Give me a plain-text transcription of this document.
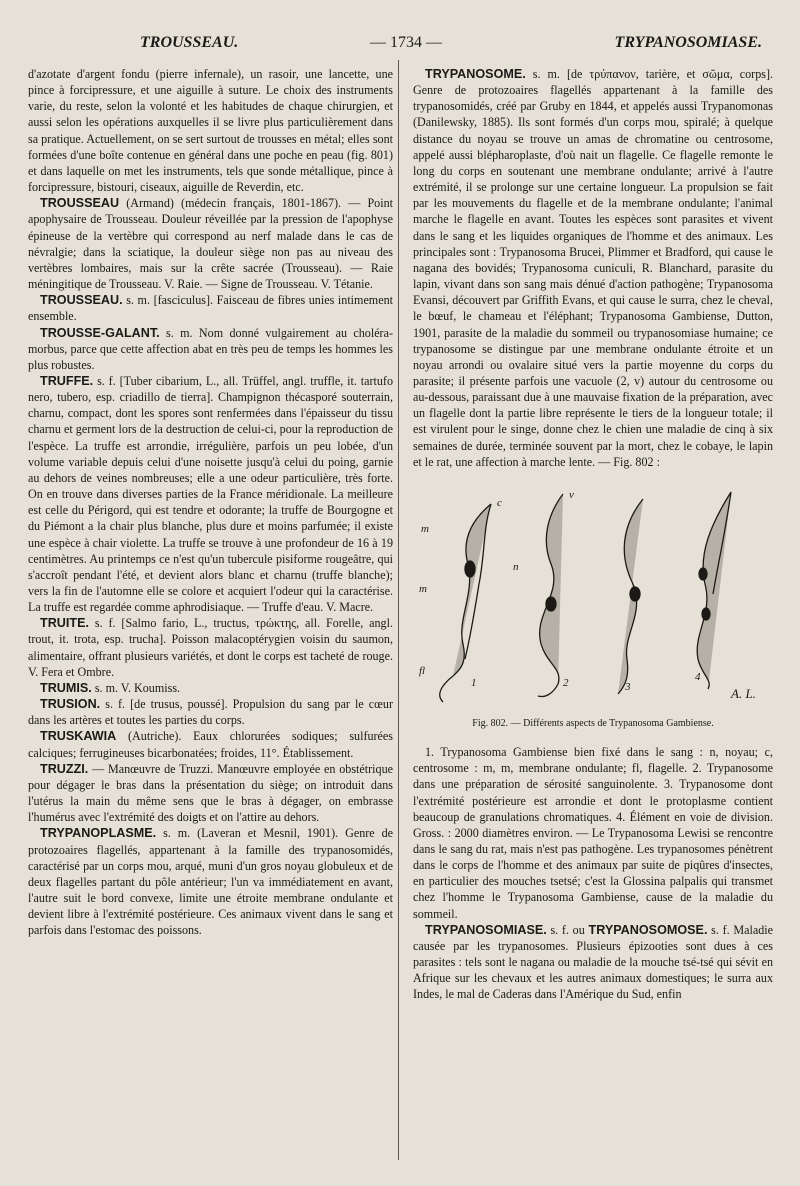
TROUSSEAU.	— 1734 —	TRYPANOSOMIASE.

d'azotate d'argent fondu (pierre infernale), un rasoir, une lancette, une pince à forcipressure, et une aiguille à suture. Le choix des instruments varie, du reste, selon la volonté et les habitudes de chaque chirurgien, et aussi selon les opérations auxquelles il se livre plus particulièrement dans sa pratique. Actuellement, on se sert surtout de trousses en métal; elles sont formées d'une boîte contenue en général dans une poche en peau (fig. 801) et dans laquelle on met les instruments, tels que sonde métallique, pince à forcipressure, bistouri, ciseaux, aiguille de Reverdin, etc.

TROUSSEAU (Armand) (médecin français, 1801-1867). — Point apophysaire de Trousseau. Douleur réveillée par la pression de l'apophyse épineuse de la vertèbre qui correspond au nerf malade dans le cas de névralgie; dans la sciatique, la douleur siège non pas au niveau des vertèbres lombaires, mais sur la crête sacrée (Trousseau). — Raie méningitique de Trousseau. V. Raie. — Signe de Trousseau. V. Tétanie.

TROUSSEAU. s. m. [fasciculus]. Faisceau de fibres unies intimement ensemble.

TROUSSE-GALANT. s. m. Nom donné vulgairement au choléra-morbus, parce que cette affection abat en très peu de temps les hommes les plus robustes.

TRUFFE. s. f. [Tuber cibarium, L., all. Trüffel, angl. truffle, it. tartufo nero, tubero, esp. criadillo de tierra]. Champignon thécasporé souterrain, charnu, compact, dont les spores sont renfermées dans l'épaisseur du tissu charnu et germent lors de la destruction de celui-ci, pour la reproduction de l'espèce. La truffe est arrondie, irrégulière, parfois un peu lobée, d'un volume variable depuis celui d'une noisette jusqu'à celui du poing, garnie au dehors de veines nombreuses; elle a une odeur particulière, très forte. On en trouve dans diverses parties de la France méridionale. La meilleure est celle du Périgord, qui est tendre et odorante; la truffe de Bourgogne et du Piémont a la chair plus blanche, plus dure et moins parfumée; il existe une espèce à chair violette. La truffe se trouve à une profondeur de 16 à 19 centimètres. Au printemps ce n'est qu'un tubercule pisiforme rougeâtre, qui s'accroît pendant l'été, et devient alors blanc et charnu (truffe blanche); vers la fin de l'automne elle se colore et acquiert l'odeur qui la caractérise. La truffe est regardée comme aphrodisiaque. — Truffe d'eau. V. Macre.

TRUITE. s. f. [Salmo fario, L., tructus, τρώκτης, all. Forelle, angl. trout, it. trota, esp. trucha]. Poisson malacoptérygien voisin du saumon, alimentaire, offrant plusieurs variétés, et dont le corps est tacheté de rouge. V. Fera et Ombre.

TRUMIS. s. m. V. Koumiss.

TRUSION. s. f. [de trusus, poussé]. Propulsion du sang par le cœur dans les artères et toutes les parties du corps.

TRUSKAWIA (Autriche). Eaux chlorurées sodiques; sulfurées calciques; ferrugineuses bicarbonatées; froides, 11°. Établissement.

TRUZZI. — Manœuvre de Truzzi. Manœuvre employée en obstétrique pour dégager le bras dans la présentation du siège; on introduit dans l'utérus la main du même sens que le bras à dégager, on embrasse l'humérus avec l'extrémité des doigts et on l'attire au dehors.

TRYPANOPLASME. s. m. (Laveran et Mesnil, 1901). Genre de protozoaires flagellés, appartenant à la famille des trypanosomidés, caractérisé par un corps mou, arqué, muni d'un gros noyau globuleux et de deux flagelles partant du pôle antérieur; l'un va immédiatement en avant, l'autre suit le bord convexe, limite une étroite membrane ondulante et devient libre à l'extrémité postérieure. Ces animaux vivent dans le sang et parfois dans l'estomac des poissons.

TRYPANOSOME. s. m. [de τρύπανον, tarière, et σῶμα, corps]. Genre de protozoaires flagellés appartenant à la famille des trypanosomidés, créé par Gruby en 1844, et appelés aussi Trypanomonas (Danilewsky, 1885). Ils sont formés d'un corps mou, spiralé; à quelque distance du noyau se trouve un amas de chromatine ou centrosome, appelé aussi blépharoplaste, d'où nait un flagelle. Ce flagelle remonte le long du corps en soutenant une membrane ondulante; arrivé à l'autre extrémité, il se prolonge sur une certaine longueur. La propulsion se fait par les mouvements du flagelle et de la membrane ondulante; l'animal marche le flagelle en avant. Toutes les espèces sont parasites et vivent dans le sang et les liquides organiques de l'homme et des animaux. Les principales sont : Trypanosoma Brucei, Plimmer et Bradford, qui cause le nagana des bovidés; Trypanosoma cuniculi, R. Blanchard, parasite du lapin, vivant dans son sang mais dénué d'action pathogène; Trypanosoma Evansi, découvert par Griffith Evans, et qui cause le surra, chez le cheval, le bœuf, le chameau et l'éléphant; Trypanosoma Gambiense, Dutton, 1901, parasite de la maladie du sommeil ou trypanosomiase humaine; ce trypanosome se distingue par une membrane ondulante étroite et un noyau arrondi ou ovalaire situé vers la partie moyenne du corps du parasite; il présente parfois une vacuole (2, v) autour du centrosome ou au-dessous, paraissant due à une mauvaise fixation de la préparation, avec un flagelle dont la partie libre représente le tiers de la longueur totale; il est virulent pour le singe, donne chez le chien une maladie de cinq à six semaines de durée, terminée souvent par la mort, chez le cobaye, le lapin et le rat, une affection à marche lente. — Fig. 802 :

c
v
m
n
m
fl
1	2	3
4
A. L.
Fig. 802. — Différents aspects de Trypanosoma Gambiense.

1. Trypanosoma Gambiense bien fixé dans le sang : n, noyau; c, centrosome : m, m, membrane ondulante; fl, flagelle. 2. Trypanosome dans une préparation de sérosité sanguinolente. 3. Trypanosome dont l'extrémité postérieure est arrondie et dont le protoplasme contient beaucoup de granulations chromatiques. 4. Élément en voie de division. Gross. : 2000 diamètres environ. — Le Trypanosoma Lewisi se rencontre dans le sang du rat, mais n'est pas pathogène. Les trypanosomes pénètrent dans le corps de l'homme et des animaux par suite de piqûres d'insectes, en particulier des mouches tsetsé; c'est la Glossina palpalis qui transmet chez l'homme le Trypanosoma Gambiense, cause de la maladie du sommeil.

TRYPANOSOMIASE. s. f. ou TRYPANOSOMOSE. s. f. Maladie causée par les trypanosomes. Plusieurs épizooties sont dues à ces parasites : tels sont le nagana ou maladie de la mouche tsé-tsé qui sévit en Afrique sur les chevaux et les autres animaux domestiques; le surra aux Indes, le mal de Caderas dans l'Amérique du Sud, enfin
